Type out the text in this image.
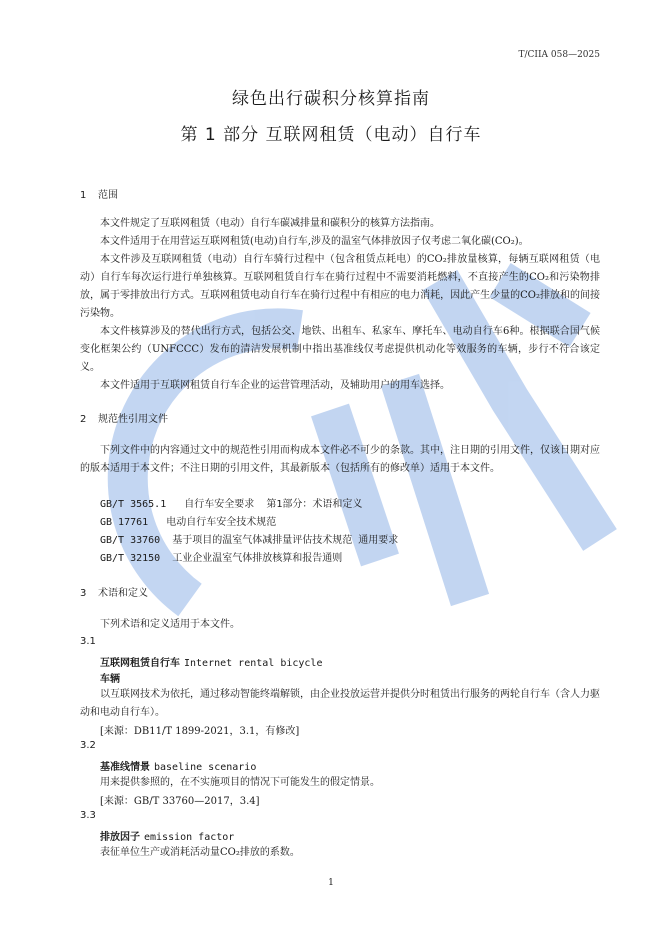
T/CIIA 058—2025
绿色出行碳积分核算指南
第 1 部分 互联网租赁（电动）自行车
1 范围
本文件规定了互联网租赁（电动）自行车碳减排量和碳积分的核算方法指南。
本文件适用于在用营运互联网租赁(电动)自行车,涉及的温室气体排放因子仅考虑二氧化碳(CO₂)。
本文件涉及互联网租赁（电动）自行车骑行过程中（包含租赁点耗电）的CO₂排放量核算，每辆互联网租赁（电动）自行车每次运行进行单独核算。互联网租赁自行车在骑行过程中不需要消耗燃料，不直接产生的CO₂和污染物排放，属于零排放出行方式。互联网租赁电动自行车在骑行过程中有相应的电力消耗，因此产生少量的CO₂排放和的间接污染物。
本文件核算涉及的替代出行方式，包括公交、地铁、出租车、私家车、摩托车、电动自行车6种。根据联合国气候变化框架公约（UNFCCC）发布的清洁发展机制中指出基准线仅考虑提供机动化等效服务的车辆，步行不符合该定义。
本文件适用于互联网租赁自行车企业的运营管理活动，及辅助用户的用车选择。
2 规范性引用文件
下列文件中的内容通过文中的规范性引用而构成本文件必不可少的条款。其中，注日期的引用文件，仅该日期对应的版本适用于本文件；不注日期的引用文件，其最新版本（包括所有的修改单）适用于本文件。
GB/T 3565.1 自行车安全要求  第1部分：术语和定义
GB 17761 电动自行车安全技术规范
GB/T 33760 基于项目的温室气体减排量评估技术规范 通用要求
GB/T 32150 工业企业温室气体排放核算和报告通则
3 术语和定义
下列术语和定义适用于本文件。
3.1
互联网租赁自行车 Internet rental bicycle
车辆
以互联网技术为依托，通过移动智能终端解锁，由企业投放运营并提供分时租赁出行服务的两轮自行车（含人力驱动和电动自行车）。
[来源：DB11/T 1899-2021，3.1，有修改]
3.2
基准线情景 baseline scenario
用来提供参照的，在不实施项目的情况下可能发生的假定情景。
[来源：GB/T 33760—2017，3.4]
3.3
排放因子 emission factor
表征单位生产或消耗活动量CO₂排放的系数。
1
